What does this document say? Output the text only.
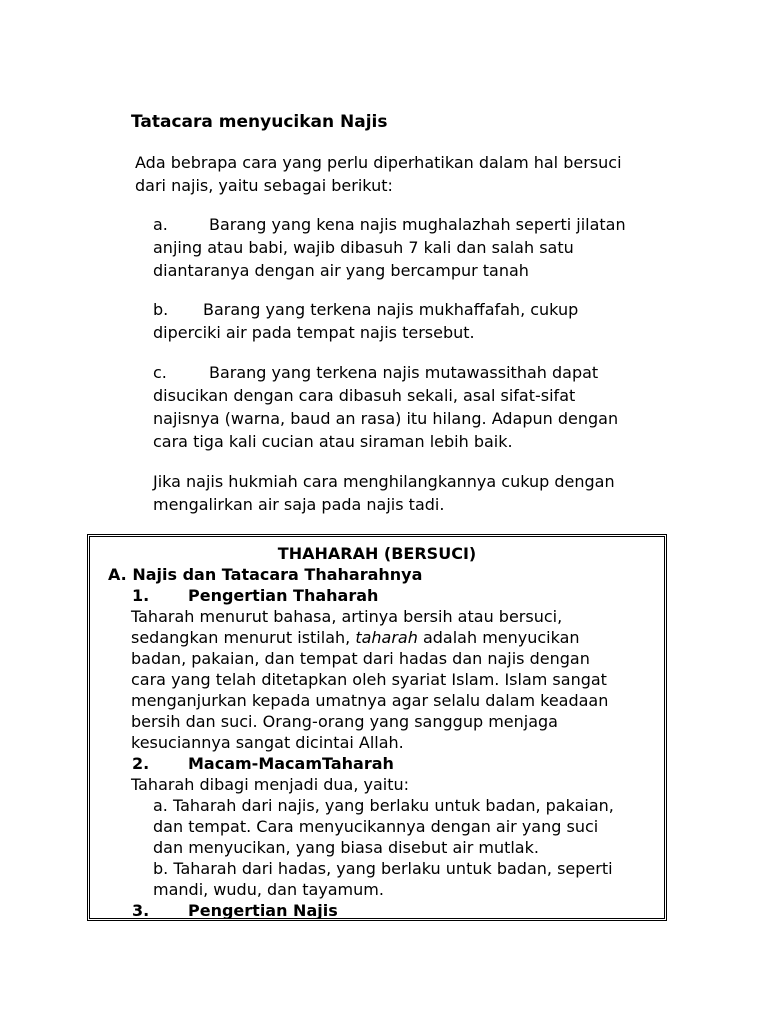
Tatacara menyucikan Najis
Ada bebrapa cara yang perlu diperhatikan dalam hal bersuci
dari najis, yaitu sebagai berikut:
a.	Barang yang kena najis mughalazhah seperti jilatan
anjing atau babi, wajib dibasuh 7 kali dan salah satu
diantaranya dengan air yang bercampur tanah
b. Barang yang terkena najis mukhaffafah, cukup
diperciki air pada tempat najis tersebut.
c.	Barang yang terkena najis mutawassithah dapat
disucikan dengan cara dibasuh sekali, asal sifat-sifat
najisnya (warna, baud an rasa) itu hilang. Adapun dengan
cara tiga kali cucian atau siraman lebih baik.
Jika najis hukmiah cara menghilangkannya cukup dengan
mengalirkan air saja pada najis tadi.
THAHARAH (BERSUCI)
A. Najis dan Tatacara Thaharahnya
1. Pengertian Thaharah
Taharah menurut bahasa, artinya bersih atau bersuci,
sedangkan menurut istilah, taharah adalah menyucikan
badan, pakaian, dan tempat dari hadas dan najis dengan
cara yang telah ditetapkan oleh syariat Islam. Islam sangat
menganjurkan kepada umatnya agar selalu dalam keadaan
bersih dan suci. Orang-orang yang sanggup menjaga
kesuciannya sangat dicintai Allah.
2. Macam-MacamTaharah
Taharah dibagi menjadi dua, yaitu:
a. Taharah dari najis, yang berlaku untuk badan, pakaian,
dan tempat. Cara menyucikannya dengan air yang suci
dan menyucikan, yang biasa disebut air mutlak.
b. Taharah dari hadas, yang berlaku untuk badan, seperti
mandi, wudu, dan tayamum.
3. Pengertian Najis
